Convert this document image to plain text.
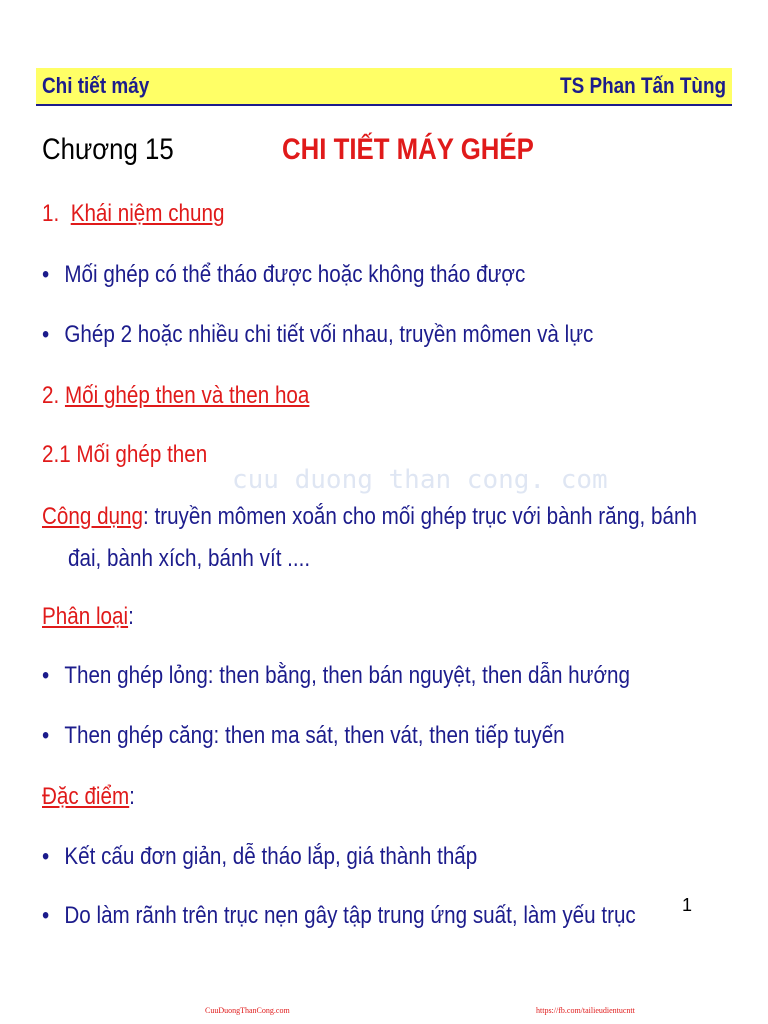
Chi tiết máy	TS Phan Tấn Tùng
Chương 15	CHI TIẾT MÁY GHÉP
cuu duong than cong. com
1. Khái niệm chung
• Mối ghép có thể tháo được hoặc không tháo được
• Ghép 2 hoặc nhiều chi tiết vối nhau, truyền mômen và lực
2. Mối ghép then và then hoa
2.1 Mối ghép then
Công dụng: truyền mômen xoắn cho mối ghép trục với bành răng, bánh
đai, bành xích, bánh vít ....
Phân loại:
• Then ghép lỏng: then bằng, then bán nguyệt, then dẫn hướng
• Then ghép căng: then ma sát, then vát, then tiếp tuyến
Đặc điểm:
• Kết cấu đơn giản, dễ tháo lắp, giá thành thấp
• Do làm rãnh trên trục nẹn gây tập trung ứng suất, làm yếu trục	1
CuuDuongThanCong.com	https://fb.com/tailieudientucntt
